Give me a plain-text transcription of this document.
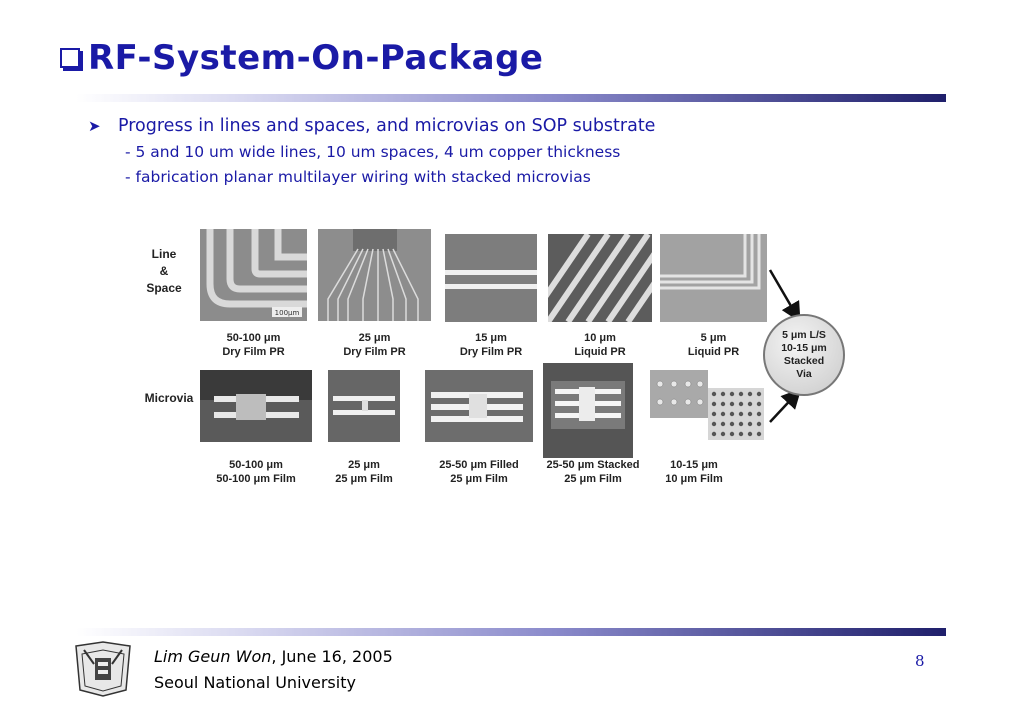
RF-System-On-Package
➤ Progress in lines and spaces, and microvias on SOP substrate
- 5 and 10 um wide lines, 10 um spaces, 4 um copper thickness
- fabrication planar multilayer wiring with stacked microvias
Line
&
Space
Microvia
100μm
50-100 μm
Dry Film PR
25 μm
Dry Film PR
15 μm
Dry Film PR
10 μm
Liquid PR
5 μm
Liquid PR
50-100 μm
50-100 μm Film
25 μm
25 μm Film
25-50 μm Filled
25 μm Film
25-50 μm Stacked
25 μm Film
10-15 μm
10 μm Film
5 μm L/S
10-15 μm
Stacked
Via
Lim Geun Won, June 16, 2005
Seoul National University
8
